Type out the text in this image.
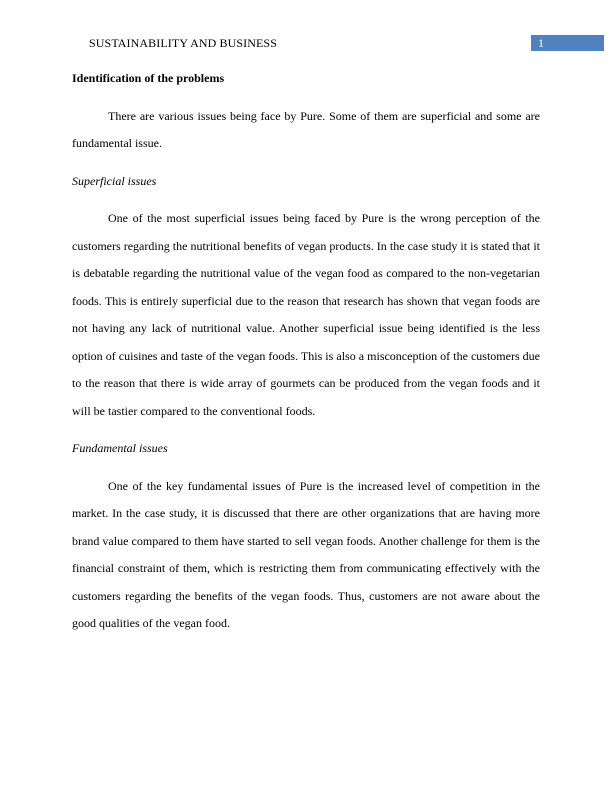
SUSTAINABILITY AND BUSINESS	1

Identification of the problems

There are various issues being face by Pure. Some of them are superficial and some are fundamental issue.

Superficial issues

One of the most superficial issues being faced by Pure is the wrong perception of the customers regarding the nutritional benefits of vegan products. In the case study it is stated that it is debatable regarding the nutritional value of the vegan food as compared to the non-vegetarian foods. This is entirely superficial due to the reason that research has shown that vegan foods are not having any lack of nutritional value. Another superficial issue being identified is the less option of cuisines and taste of the vegan foods. This is also a misconception of the customers due to the reason that there is wide array of gourmets can be produced from the vegan foods and it will be tastier compared to the conventional foods.

Fundamental issues

One of the key fundamental issues of Pure is the increased level of competition in the market. In the case study, it is discussed that there are other organizations that are having more brand value compared to them have started to sell vegan foods. Another challenge for them is the financial constraint of them, which is restricting them from communicating effectively with the customers regarding the benefits of the vegan foods. Thus, customers are not aware about the good qualities of the vegan food.
